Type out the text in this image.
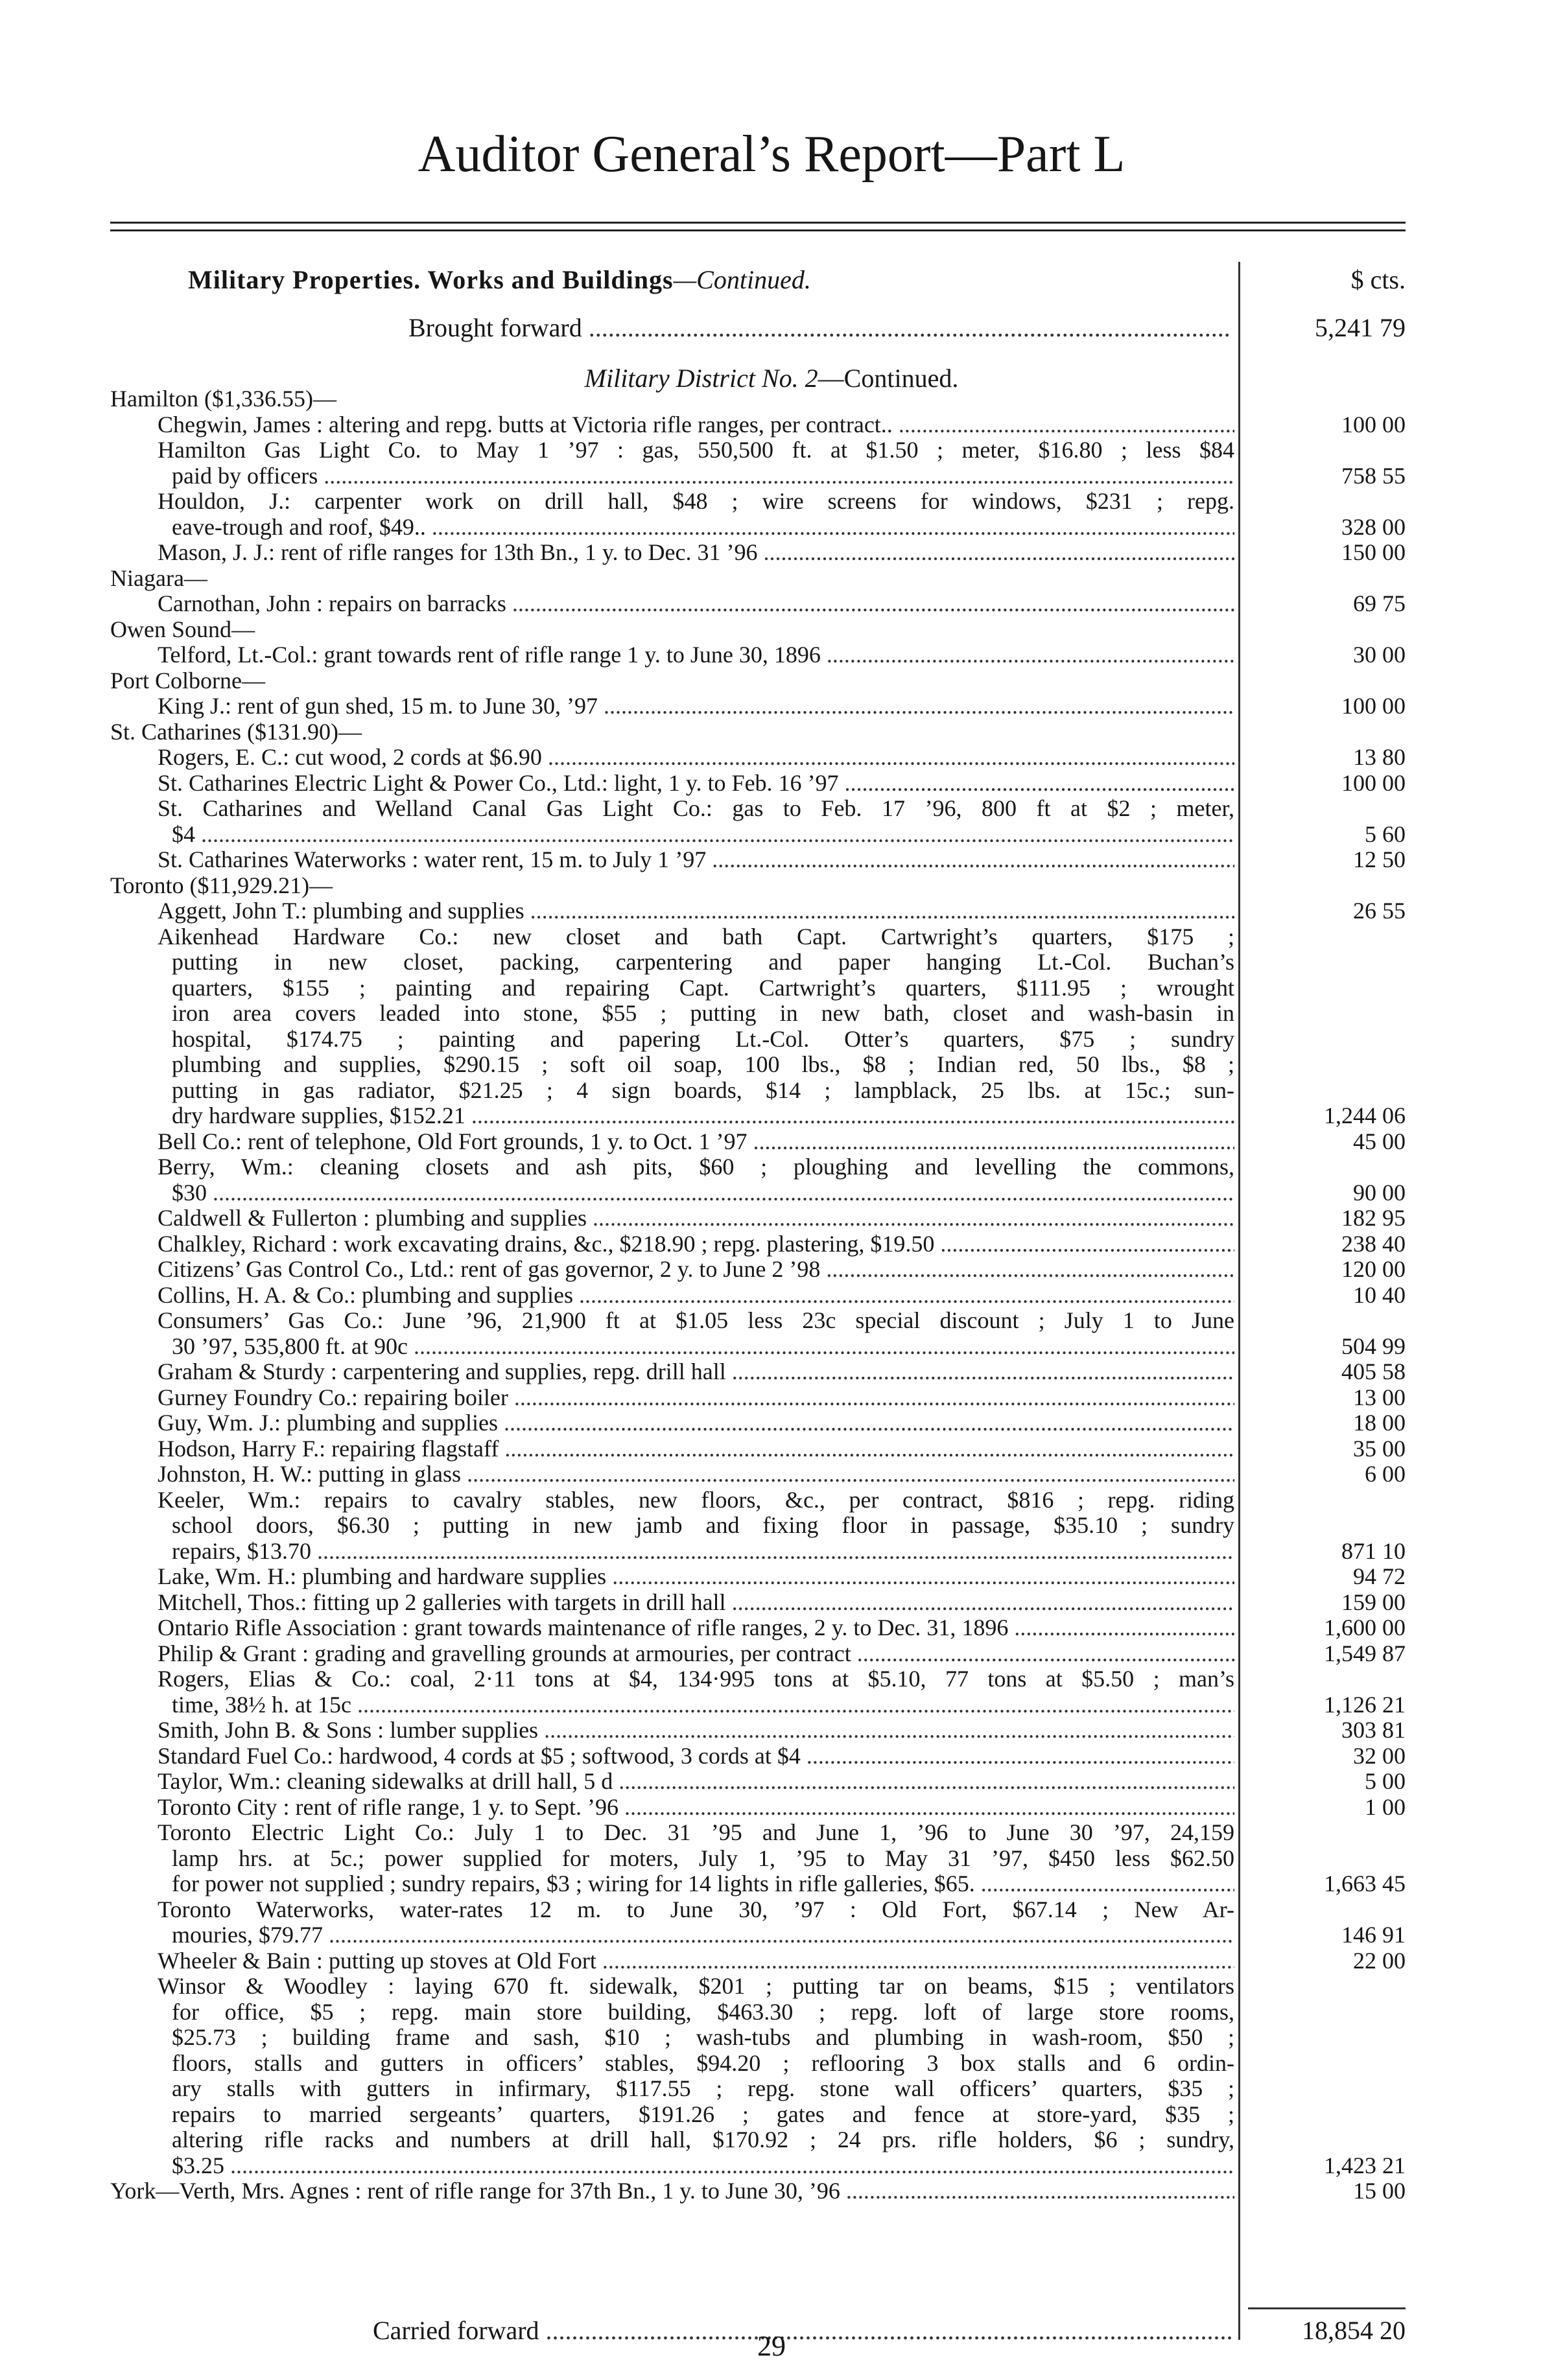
Auditor General’s Report—Part L
Military Properties. Works and Buildings—Continued.	$ cts.
Brought forward .....	5,241 79
Military District No. 2—Continued.
Hamilton ($1,336.55)—
Chegwin, James : altering and repg. butts at Victoria rifle ranges, per contract.. .....	100 00
Hamilton Gas Light Co. to May 1 ’97 : gas, 550,500 ft. at $1.50 ; meter, $16.80 ; less $84
paid by officers .....	758 55
Houldon, J.: carpenter work on drill hall, $48 ; wire screens for windows, $231 ; repg.
eave-trough and roof, $49.. .....	328 00
Mason, J. J.: rent of rifle ranges for 13th Bn., 1 y. to Dec. 31 ’96 .....	150 00
Niagara—
Carnothan, John : repairs on barracks .....	69 75
Owen Sound—
Telford, Lt.-Col.: grant towards rent of rifle range 1 y. to June 30, 1896 .....	30 00
Port Colborne—
King J.: rent of gun shed, 15 m. to June 30, ’97 .....	100 00
St. Catharines ($131.90)—
Rogers, E. C.: cut wood, 2 cords at $6.90 .....	13 80
St. Catharines Electric Light & Power Co., Ltd.: light, 1 y. to Feb. 16 ’97 .....	100 00
St. Catharines and Welland Canal Gas Light Co.: gas to Feb. 17 ’96, 800 ft at $2 ; meter,
$4 .....	5 60
St. Catharines Waterworks : water rent, 15 m. to July 1 ’97 .....	12 50
Toronto ($11,929.21)—
Aggett, John T.: plumbing and supplies .....	26 55
Aikenhead Hardware Co.: new closet and bath Capt. Cartwright’s quarters, $175 ;
putting in new closet, packing, carpentering and paper hanging Lt.-Col. Buchan’s
quarters, $155 ; painting and repairing Capt. Cartwright’s quarters, $111.95 ; wrought
iron area covers leaded into stone, $55 ; putting in new bath, closet and wash-basin in
hospital, $174.75 ; painting and papering Lt.-Col. Otter’s quarters, $75 ; sundry
plumbing and supplies, $290.15 ; soft oil soap, 100 lbs., $8 ; Indian red, 50 lbs., $8 ;
putting in gas radiator, $21.25 ; 4 sign boards, $14 ; lampblack, 25 lbs. at 15c.; sun-
dry hardware supplies, $152.21 .....	1,244 06
Bell Co.: rent of telephone, Old Fort grounds, 1 y. to Oct. 1 ’97 .....	45 00
Berry, Wm.: cleaning closets and ash pits, $60 ; ploughing and levelling the commons,
$30 .....	90 00
Caldwell & Fullerton : plumbing and supplies .....	182 95
Chalkley, Richard : work excavating drains, &c., $218.90 ; repg. plastering, $19.50 .....	238 40
Citizens’ Gas Control Co., Ltd.: rent of gas governor, 2 y. to June 2 ’98 .....	120 00
Collins, H. A. & Co.: plumbing and supplies .....	10 40
Consumers’ Gas Co.: June ’96, 21,900 ft at $1.05 less 23c special discount ; July 1 to June
30 ’97, 535,800 ft. at 90c .....	504 99
Graham & Sturdy : carpentering and supplies, repg. drill hall .....	405 58
Gurney Foundry Co.: repairing boiler .....	13 00
Guy, Wm. J.: plumbing and supplies .....	18 00
Hodson, Harry F.: repairing flagstaff .....	35 00
Johnston, H. W.: putting in glass .....	6 00
Keeler, Wm.: repairs to cavalry stables, new floors, &c., per contract, $816 ; repg. riding
school doors, $6.30 ; putting in new jamb and fixing floor in passage, $35.10 ; sundry
repairs, $13.70 .....	871 10
Lake, Wm. H.: plumbing and hardware supplies .....	94 72
Mitchell, Thos.: fitting up 2 galleries with targets in drill hall .....	159 00
Ontario Rifle Association : grant towards maintenance of rifle ranges, 2 y. to Dec. 31, 1896 .....	1,600 00
Philip & Grant : grading and gravelling grounds at armouries, per contract .....	1,549 87
Rogers, Elias & Co.: coal, 2·11 tons at $4, 134·995 tons at $5.10, 77 tons at $5.50 ; man’s
time, 38½ h. at 15c .....	1,126 21
Smith, John B. & Sons : lumber supplies .....	303 81
Standard Fuel Co.: hardwood, 4 cords at $5 ; softwood, 3 cords at $4 .....	32 00
Taylor, Wm.: cleaning sidewalks at drill hall, 5 d .....	5 00
Toronto City : rent of rifle range, 1 y. to Sept. ’96 .....	1 00
Toronto Electric Light Co.: July 1 to Dec. 31 ’95 and June 1, ’96 to June 30 ’97, 24,159
lamp hrs. at 5c.; power supplied for moters, July 1, ’95 to May 31 ’97, $450 less $62.50
for power not supplied ; sundry repairs, $3 ; wiring for 14 lights in rifle galleries, $65. .....	1,663 45
Toronto Waterworks, water-rates 12 m. to June 30, ’97 : Old Fort, $67.14 ; New Ar-
mouries, $79.77 .....	146 91
Wheeler & Bain : putting up stoves at Old Fort .....	22 00
Winsor & Woodley : laying 670 ft. sidewalk, $201 ; putting tar on beams, $15 ; ventilators
for office, $5 ; repg. main store building, $463.30 ; repg. loft of large store rooms,
$25.73 ; building frame and sash, $10 ; wash-tubs and plumbing in wash-room, $50 ;
floors, stalls and gutters in officers’ stables, $94.20 ; reflooring 3 box stalls and 6 ordin-
ary stalls with gutters in infirmary, $117.55 ; repg. stone wall officers’ quarters, $35 ;
repairs to married sergeants’ quarters, $191.26 ; gates and fence at store-yard, $35 ;
altering rifle racks and numbers at drill hall, $170.92 ; 24 prs. rifle holders, $6 ; sundry,
$3.25 .....	1,423 21
York—Verth, Mrs. Agnes : rent of rifle range for 37th Bn., 1 y. to June 30, ’96 .....	15 00
Carried forward .....	18,854 20
29
